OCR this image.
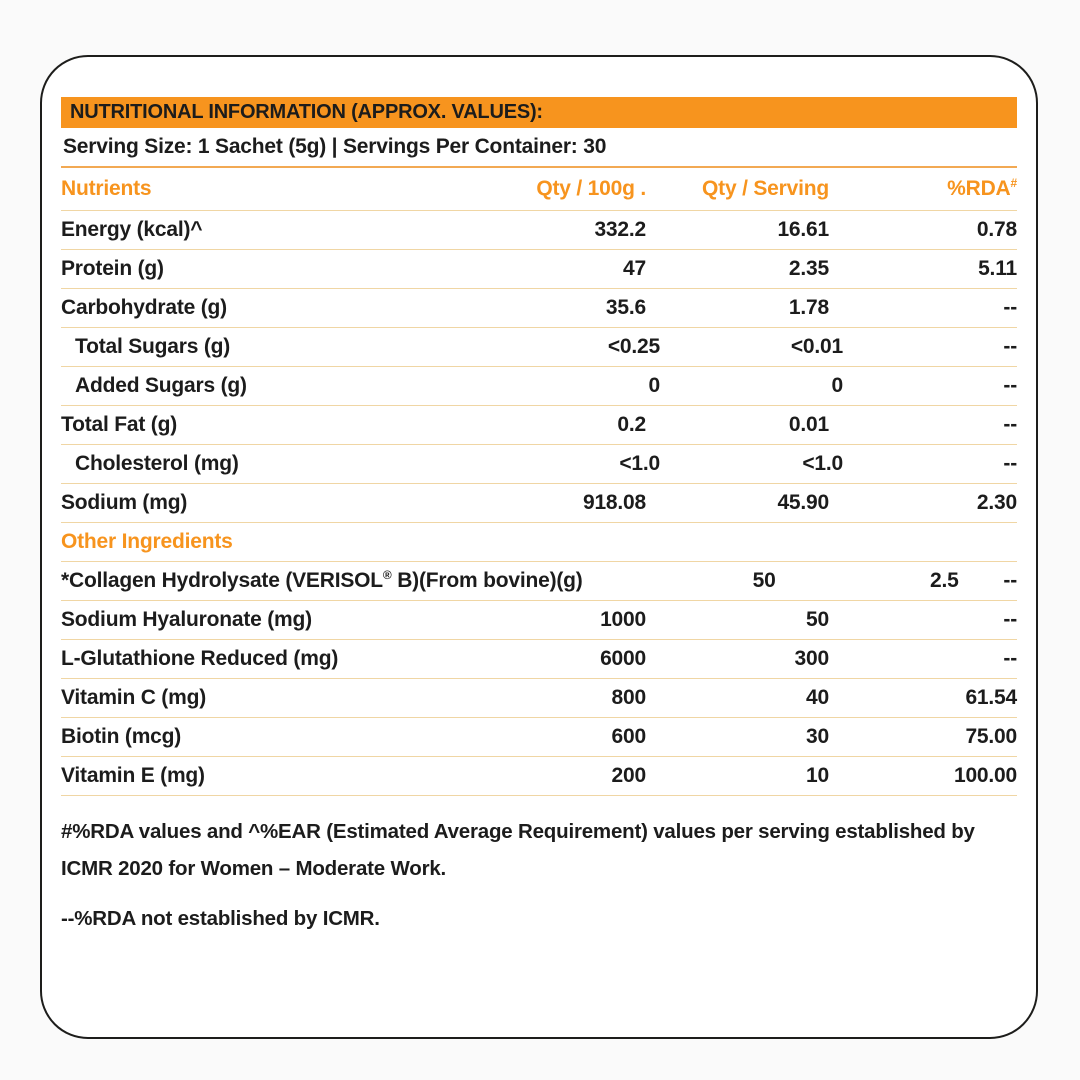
NUTRITIONAL INFORMATION (APPROX. VALUES):
Serving Size: 1 Sachet (5g) | Servings Per Container: 30
Nutrients	Qty / 100g .	Qty / Serving	%RDA#
Energy (kcal)^	332.2	16.61	0.78
Protein (g)	47	2.35	5.11
Carbohydrate (g)	35.6	1.78	--
Total Sugars (g)	<0.25	<0.01	--
Added Sugars (g)	0	0	--
Total Fat (g)	0.2	0.01	--
Cholesterol (mg)	<1.0	<1.0	--
Sodium (mg)	918.08	45.90	2.30
Other Ingredients
*Collagen Hydrolysate (VERISOL® B)(From bovine)(g)	50	2.5	--
Sodium Hyaluronate (mg)	1000	50	--
L-Glutathione Reduced (mg)	6000	300	--
Vitamin C (mg)	800	40	61.54
Biotin (mcg)	600	30	75.00
Vitamin E (mg)	200	10	100.00

#%RDA values and ^%EAR (Estimated Average Requirement) values per serving established by ICMR 2020 for Women – Moderate Work.

--%RDA not established by ICMR.
